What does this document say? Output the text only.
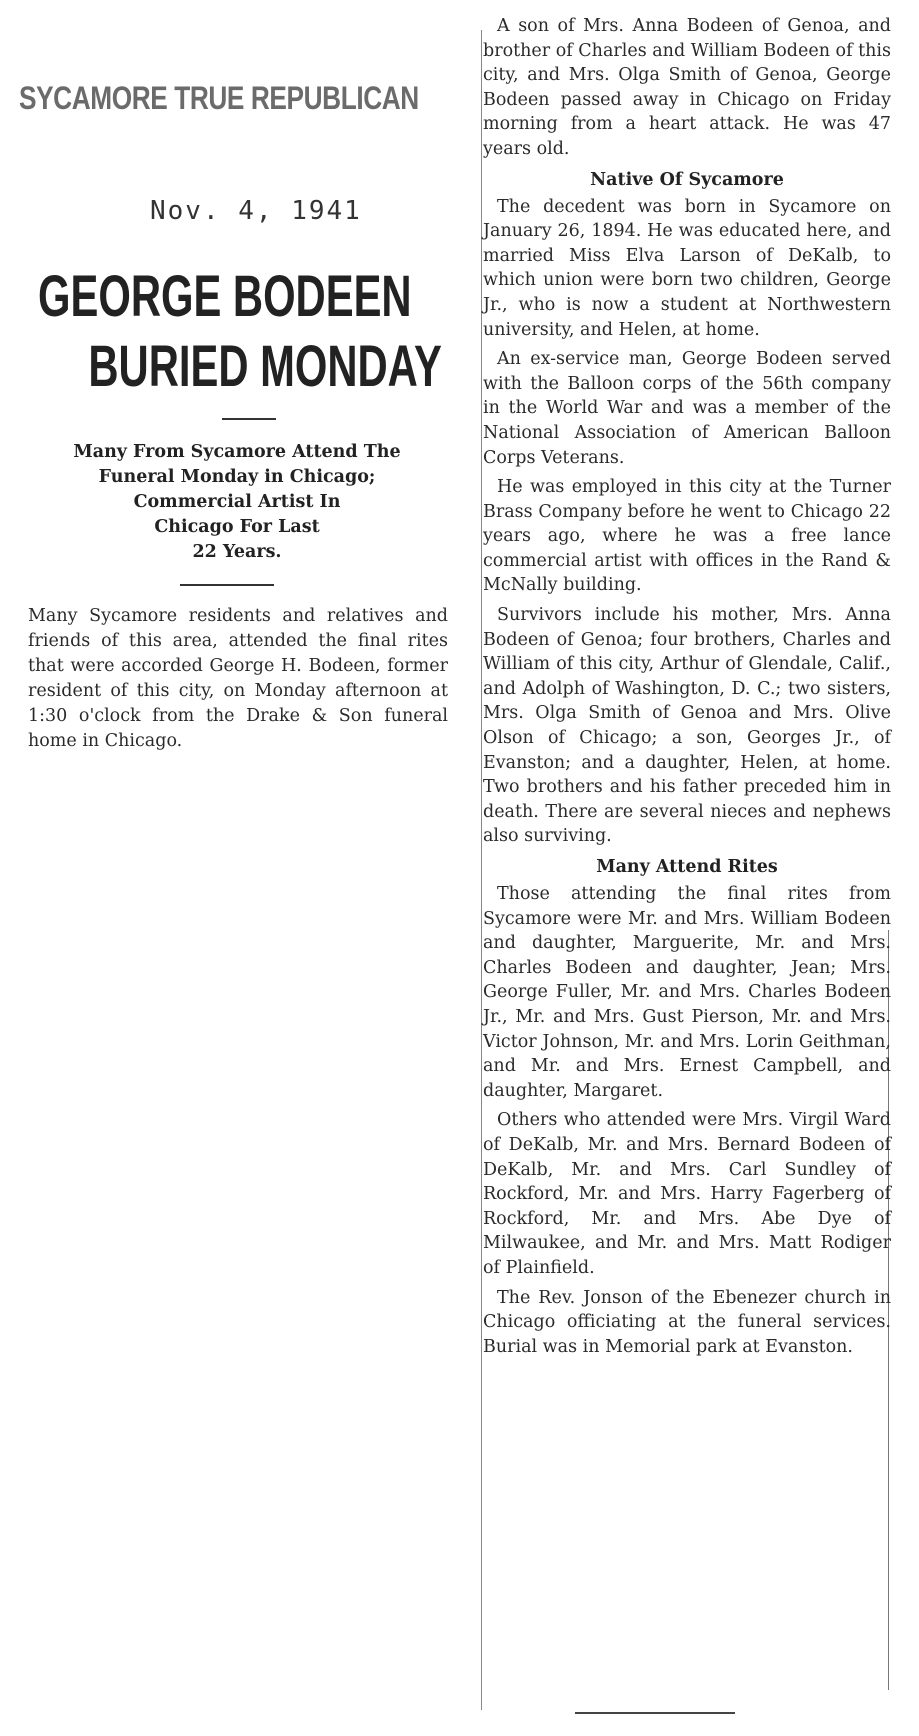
SYCAMORE TRUE REPUBLICAN
Nov. 4, 1941
GEORGE BODEEN
BURIED MONDAY
Many From Sycamore Attend The
Funeral Monday in Chicago;
Commercial Artist In
Chicago For Last
22 Years.
Many Sycamore residents and relatives and friends of this area, attended the final rites that were accorded George H. Bodeen, former resident of this city, on Monday afternoon at 1:30 o'clock from the Drake & Son funeral home in Chicago.

A son of Mrs. Anna Bodeen of Genoa, and brother of Charles and William Bodeen of this city, and Mrs. Olga Smith of Genoa, George Bodeen passed away in Chicago on Friday morning from a heart attack. He was 47 years old.

Native Of Sycamore

The decedent was born in Sycamore on January 26, 1894. He was educated here, and married Miss Elva Larson of DeKalb, to which union were born two children, George Jr., who is now a student at Northwestern university, and Helen, at home.

An ex-service man, George Bodeen served with the Balloon corps of the 56th company in the World War and was a member of the National Association of American Balloon Corps Veterans.

He was employed in this city at the Turner Brass Company before he went to Chicago 22 years ago, where he was a free lance commercial artist with offices in the Rand & McNally building.

Survivors include his mother, Mrs. Anna Bodeen of Genoa; four brothers, Charles and William of this city, Arthur of Glendale, Calif., and Adolph of Washington, D. C.; two sisters, Mrs. Olga Smith of Genoa and Mrs. Olive Olson of Chicago; a son, Georges Jr., of Evanston; and a daughter, Helen, at home. Two brothers and his father preceded him in death. There are several nieces and nephews also surviving.

Many Attend Rites

Those attending the final rites from Sycamore were Mr. and Mrs. William Bodeen and daughter, Marguerite, Mr. and Mrs. Charles Bodeen and daughter, Jean; Mrs. George Fuller, Mr. and Mrs. Charles Bodeen Jr., Mr. and Mrs. Gust Pierson, Mr. and Mrs. Victor Johnson, Mr. and Mrs. Lorin Geithman, and Mr. and Mrs. Ernest Campbell, and daughter, Margaret.

Others who attended were Mrs. Virgil Ward of DeKalb, Mr. and Mrs. Bernard Bodeen of DeKalb, Mr. and Mrs. Carl Sundley of Rockford, Mr. and Mrs. Harry Fagerberg of Rockford, Mr. and Mrs. Abe Dye of Milwaukee, and Mr. and Mrs. Matt Rodiger of Plainfield.

The Rev. Jonson of the Ebenezer church in Chicago officiating at the funeral services. Burial was in Memorial park at Evanston.
